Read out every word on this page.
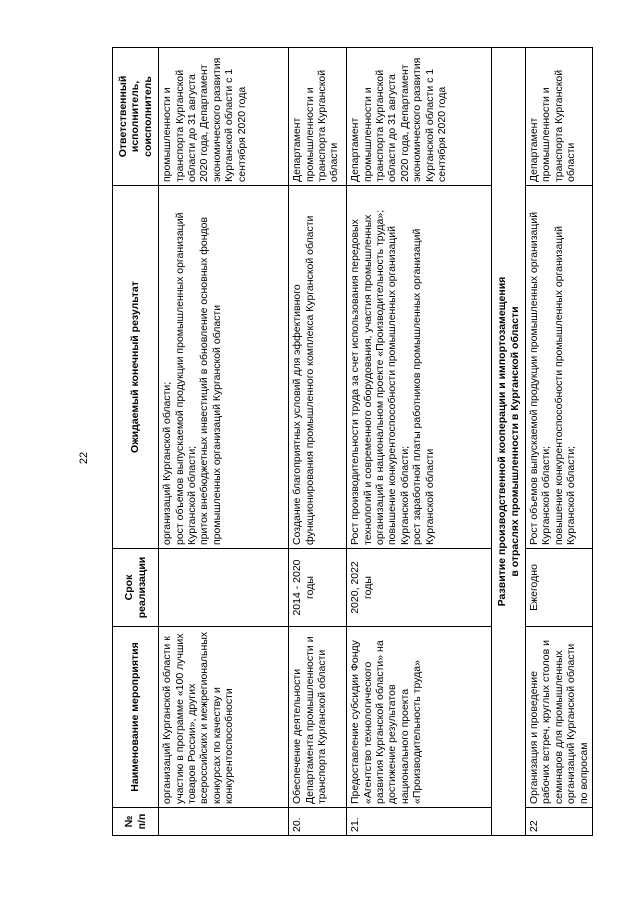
22
№ п/п	Наименование мероприятия	Срок реализации	Ожидаемый конечный результат	Ответственный исполнитель, соисполнитель
	организаций Курганской области к участию в программе «100 лучших товаров России», других всероссийских и межрегиональных конкурсах по качеству и конкурентоспособности		организаций Курганской области; рост объемов выпускаемой продукции промышленных организаций Курганской области; приток внебюджетных инвестиций в обновление основных фондов промышленных организаций Курганской области	промышленности и транспорта Курганской области до 31 августа 2020 года, Департамент экономического развития Курганской области с 1 сентября 2020 года
20.	Обеспечение деятельности Департамента промышленности и транспорта Курганской области	2014 - 2020 годы	Создание благоприятных условий для эффективного функционирования промышленного комплекса Курганской области	Департамент промышленности и транспорта Курганской области
21.	Предоставление субсидии Фонду «Агентство технологического развития Курганской области» на достижение результатов национального проекта «Производительность труда»	2020, 2022 годы	Рост производительности труда за счет использования передовых технологий и современного оборудования, участия промышленных организаций в национальном проекте «Производительность труда»; повышение конкурентоспособности промышленных организаций Курганской области; рост заработной платы работников промышленных организаций Курганской области	Департамент промышленности и транспорта Курганской области до 31 августа 2020 года, Департамент экономического развития Курганской области с 1 сентября 2020 года

Развитие производственной кооперации и импортозамещения в отраслях промышленности в Курганской области				

22	Организация и проведение рабочих встреч, круглых столов и семинаров для промышленных организаций Курганской области по вопросам	Ежегодно	Рост объемов выпускаемой продукции промышленных организаций Курганской области; повышение конкурентоспособности промышленных организаций Курганской области;	Департамент промышленности и транспорта Курганской области
